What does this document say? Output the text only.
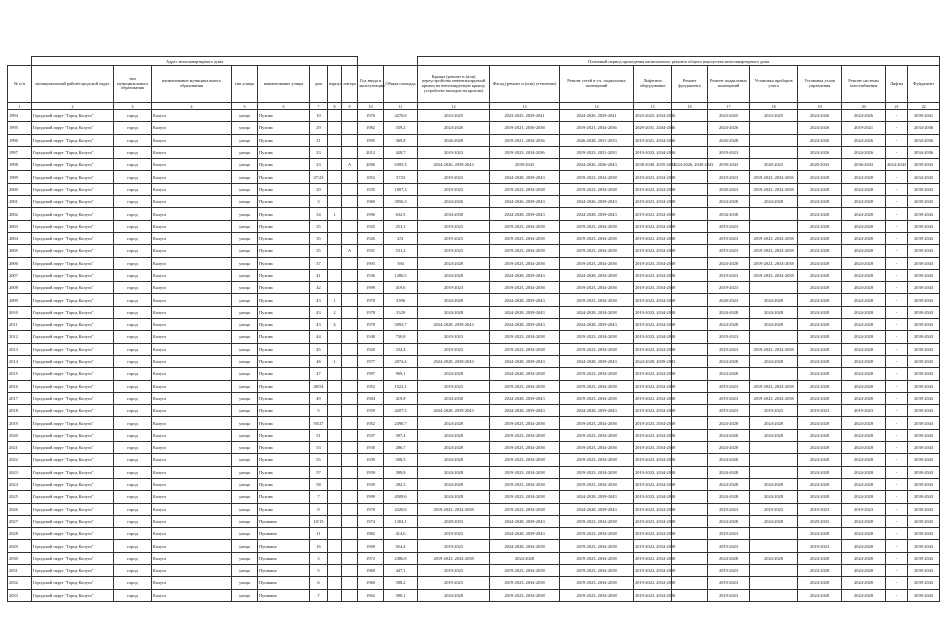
	Адрес многоквартирного дома										Плановый период проведения капитального ремонта общего имущества многоквартирного дома										
№ п/п	муниципальный район/городской округ	тип муниципального образования	наименование муниципального образования	тип улицы	наименование улицы	дом	корпус	литера	Год ввода в эксплуатацию	Общая площадь	Крыша (ремонт и (или) переустройство невентилируемой крыши на вентилируемую крышу, устройство выходов на кровлю)	Фасад (ремонт и (или) утепление)	Ремонт сетей в т.ч. подвальных помещений	Лифтовое оборудование	Ремонт фундамента	Ремонт подвальных помещений	Установка приборов учета	Установка узлов управления	Ремонт системы газоснабжения	Лифты	Фундамент
1	2	3	4	5	6	7	8	9	10	11	12	13	14	15	16	17	18	19	20	21	22
1994	Городской округ "Город Калуга"	город	Калуга	улица	Пухова	10			1976	4270,6	2023-2025	2023-2025, 2039-2041	2024-2026, 2039-2041	2023-2025, 2034-2036		2023-2025	2023-2025	2024-2026	2024-2026	-	2039-2041
1995	Городской округ "Город Калуга"	город	Калуга	улица	Пухова	29			1982	339,2	2024-2026	2019-2021, 2036-2038	2019-2021, 2034-2036	2029-2031, 2044-2046		2024-2026		2024-2026	2019-2021	-	2034-2036
1996	Городской округ "Город Калуга"	город	Калуга	улица	Пухова	21			1995	369,8	2026-2028	2019-2021, 2034-2036	2026-2028, 2031-2033	2019-2021, 2034-2036		2026-2028		2024-2026	2024-2026	-	2034-2036
1997	Городской округ "Город Калуга"	город	Калуга	улица	Пухова	23			2012	428,7	2019-2023	2019-2023, 2034-2036	2019-2023, 2031-2033	2019-2023, 2034-2036		2019-2023		2024-2026	2024-2026	-	2034-2036
1998	Городской округ "Город Калуга"	город	Калуга	улица	Пухова	23		А	2006	6395,3	2024-2026, 2039-2043	2039-2043	2024-2026, 2036-2043	2038-2040, 2035-2043	2024-2026, 2040-2043	2039-2043	2020-2023	2020-2043	2036-2043	2024-2043	2039-2043
1999	Городской округ "Город Калуга"	город	Калуга	улица	Пухова	27/23			1852	3723	2019-2023	2024-2028, 2039-2043	2019-2023, 2034-2038	2019-2023, 2034-2038		2019-2023	2019-2023, 2034-2036	2024-2028	2024-2028	-	2034-2043
2000	Городской округ "Город Калуга"	город	Калуга	улица	Пухова	29			1935	1007,3	2019-2023	2019-2023, 2034-2038	2019-2023, 2034-2038	2019-2023, 2034-2038		2020-2023	2019-2023, 2034-2038	2024-2028	2024-2028	-	2039-2043
2001	Городской округ "Город Калуга"	город	Калуга	улица	Пухова	3			1969	3956,3	2024-2026	2024-2026, 2039-2043	2024-2026, 2039-2043	2019-2023, 2034-2038		2024-2028	2024-2028	2024-2028	2024-2028	-	2039-2043
2002	Городской округ "Город Калуга"	город	Калуга	улица	Пухова	34	1		1990	632,5	2034-2038	2024-2028, 2039-2043	2024-2028, 2039-2043	2019-2023, 2034-2038		2034-2038		2024-2028	2024-2028	-	2039-2043
2003	Городской округ "Город Калуга"	город	Калуга	улица	Пухова	35			1925	253,1	2019-2023	2019-2023, 2034-2038	2019-2023, 2034-2038	2019-2023, 2034-2038		2019-2023		2024-2028	2024-2028	-	2039-2043
2004	Городской округ "Город Калуга"	город	Калуга	улица	Пухова	35			1926	251	2019-2023	2019-2023, 2034-2038	2019-2023, 2034-2038	2019-2023, 2034-2038		2019-2023	2019-2023, 2034-2038	2024-2028	2024-2028	-	2039-2043
2005	Городской округ "Город Калуга"	город	Калуга	улица	Пухова	35		А	1931	531,2	2019-2023	2019-2023, 2034-2038	2019-2023, 2034-2038	2019-2023, 2034-2038		2019-2023	2019-2023, 2034-2038	2024-2028	2024-2028	-	2039-2043
2006	Городской округ "Город Калуга"	город	Калуга	улица	Пухова	37			1903	394	2024-2028	2019-2023, 2034-2038	2019-2023, 2034-2038	2019-2023, 2034-2038		2024-2028	2019-2023, 2034-2038	2024-2028	2024-2028	-	2039-2043
2007	Городской округ "Город Калуга"	город	Калуга	улица	Пухова	41			1936	1280,5	2024-2028	2024-2028, 2039-2043	2024-2028, 2034-2038	2019-2023, 2034-2038		2019-2023	2019-2023, 2034-2038	2024-2028	2024-2028	-	2039-2043
2008	Городской округ "Город Калуга"	город	Калуга	улица	Пухова	42			1999	419,6	2019-2023	2019-2023, 2034-2038	2019-2023, 2034-2038	2019-2023, 2034-2038		2019-2023		2024-2028	2024-2028	-	2039-2043
2009	Городской округ "Город Калуга"	город	Калуга	улица	Пухова	43	1		1970	3396	2024-2028	2024-2028, 2039-2043	2019-2023, 2034-2038	2019-2023, 2034-2038		2020-2023	2024-2028	2024-2028	2024-2028	-	2039-2043
2010	Городской округ "Город Калуга"	город	Калуга	улица	Пухова	43	2		1978	3329	2024-2028	2024-2028, 2039-2043	2024-2028, 2034-2038	2019-2023, 2034-2038		2024-2028	2024-2028	2024-2028	2024-2028	-	2039-2043
2011	Городской округ "Город Калуга"	город	Калуга	улица	Пухова	43	4		1978	5093,7	2024-2028, 2039-2043	2024-2028, 2039-2043	2024-2028, 2039-2043	2019-2023, 2034-2038		2024-2028	2024-2028	2024-2028	2024-2028	-	2039-2043
2012	Городской округ "Город Калуга"	город	Калуга	улица	Пухова	44			1940	730,8	2019-2023	2019-2023, 2034-2038	2019-2023, 2034-2038	2019-2023, 2034-2038		2019-2023		2024-2028	2024-2028	-	2039-2043
2013	Городской округ "Город Калуга"	город	Калуга	улица	Пухова	45			1920	332,4	2019-2023	2019-2023, 2034-2038	2019-2023, 2034-2038	2019-2023, 2034-2038		2019-2023	2019-2023, 2034-2038	2024-2028	2024-2028	-	2039-2043
2014	Городской округ "Город Калуга"	город	Калуга	улица	Пухова	46	1		1977	2074,4	2024-2028, 2039-2043	2024-2028, 2039-2043	2024-2028, 2039-2043	2024-2028, 2039-2043		2024-2028	2024-2028	2024-2028	2024-2028	-	2039-2043
2015	Городской округ "Город Калуга"	город	Калуга	улица	Пухова	47			1997	909,1	2024-2028	2024-2028, 2034-2038	2019-2023, 2034-2038	2019-2023, 2034-2038		2024-2028		2024-2028	2024-2028	-	2039-2043
2016	Городской округ "Город Калуга"	город	Калуга	улица	Пухова	48/54			1952	1522,1	2019-2023	2019-2023, 2034-2038	2019-2023, 2034-2038	2019-2023, 2034-2038		2019-2023	2019-2023, 2034-2038	2024-2028	2024-2028	-	2039-2043
2017	Городской округ "Город Калуга"	город	Калуга	улица	Пухова	49			1904	419,8	2034-2038	2024-2028, 2039-2043	2019-2023, 2034-2038	2019-2023, 2034-2038		2019-2023	2019-2023, 2034-2038	2024-2028	2024-2028	-	2039-2043
2018	Городской округ "Город Калуга"	город	Калуга	улица	Пухова	5			1959	4207,5	2024-2028, 2039-2043	2024-2028, 2039-2043	2024-2028, 2039-2043	2019-2023, 2034-2038		2019-2023	2019-2023	2019-2023	2019-2023	-	2039-2043
2019	Городской округ "Город Калуга"	город	Калуга	улица	Пухова	50/27			1952	2390,7	2024-2028	2019-2023, 2034-2038	2019-2023, 2034-2038	2019-2023, 2034-2038		2024-2028	2024-2028	2024-2028	2024-2028	-	2039-2043
2020	Городской округ "Город Калуга"	город	Калуга	улица	Пухова	51			1937	397,4	2024-2028	2019-2023, 2034-2038	2019-2023, 2034-2038	2019-2023, 2034-2038		2024-2028	2024-2028	2024-2028	2024-2028	-	2039-2043
2021	Городской округ "Город Калуга"	город	Калуга	улица	Пухова	53			1930	286,7	2024-2028	2019-2023, 2034-2038	2019-2023, 2034-2038	2019-2023, 2034-2038		2024-2028		2024-2028	2024-2028	-	2039-2043
2022	Городской округ "Город Калуга"	город	Калуга	улица	Пухова	55			1939	508,5	2024-2028	2019-2023, 2034-2038	2019-2023, 2034-2038	2019-2023, 2034-2038		2024-2028		2024-2028	2024-2028	-	2039-2043
2023	Городской округ "Город Калуга"	город	Калуга	улица	Пухова	57			1959	399,8	2024-2028	2019-2023, 2034-2038	2019-2023, 2034-2038	2019-2023, 2034-2038		2024-2028		2024-2028	2024-2028	-	2039-2043
2024	Городской округ "Город Калуга"	город	Калуга	улица	Пухова	58			1939	282,3	2024-2028	2019-2023, 2034-2038	2019-2023, 2034-2038	2019-2023, 2034-2038		2024-2028	2024-2028	2024-2028	2024-2028	-	2039-2043
2025	Городской округ "Город Калуга"	город	Калуга	улица	Пухова	7			1999	4509,6	2024-2028	2019-2023, 2034-2038	2024-2028, 2039-2043	2019-2023, 2034-2038		2024-2028	2024-2028	2024-2028	2024-2028	-	2039-2043
2026	Городской округ "Город Калуга"	город	Калуга	улица	Пухова	9			1970	4320,6	2019-2023, 2034-2038	2019-2023, 2034-2038	2024-2028, 2039-2043	2019-2023, 2034-2038		2019-2023	2019-2023	2019-2023	2019-2023	-	2039-2043
2027	Городской округ "Город Калуга"	город	Калуга	улица	Пушкина	10/15			1974	1304,1	2029-2033	2024-2028, 2039-2043	2019-2023, 2034-2038	2019-2023, 2034-2038		2024-2028	2024-2028	2029-2033	2024-2028	-	2039-2043
2028	Городской округ "Город Калуга"	город	Калуга	улица	Пушкина	11			1882	414,6	2019-2023	2024-2028, 2039-2043	2019-2023, 2034-2038	2019-2023, 2034-2038		2019-2023		2024-2028	2024-2028	-	2039-2043
2029	Городской округ "Город Калуга"	город	Калуга	улица	Пушкина	16			1909	924,4	2019-2023	2024-2028, 2034-2038	2019-2023, 2034-2038	2019-2023, 2034-2038		2019-2023		2019-2023	2024-2028	-	2039-2043
2030	Городской округ "Город Калуга"	город	Калуга	улица	Пушкина	3			1972	2386,8	2019-2023, 2034-2038	2024-2028	2019-2023, 2034-2038	2019-2023, 2034-2038		2024-2028	2024-2028	2024-2028	2024-2028	-	2039-2043
2031	Городской округ "Город Калуга"	город	Калуга	улица	Пушкина	5			1960	447,1	2019-2023	2019-2023, 2034-2038	2019-2023, 2034-2038	2019-2023, 2034-2038		2019-2023		2024-2028	2024-2028	-	2039-2043
2032	Городской округ "Город Калуга"	город	Калуга	улица	Пушкина	6			1960	588,2	2019-2023	2019-2023, 2034-2038	2019-2023, 2034-2038	2019-2023, 2034-2038		2019-2023		2024-2028	2024-2028	-	2039-2043
2033	Городской округ "Город Калуга"	город	Калуга	улица	Пушкина	7			1962	390,1	2024-2028	2019-2023, 2034-2038	2019-2023, 2034-2038	2019-2023, 2034-2038		2019-2023		2024-2028	2024-2028	-	2039-2043
